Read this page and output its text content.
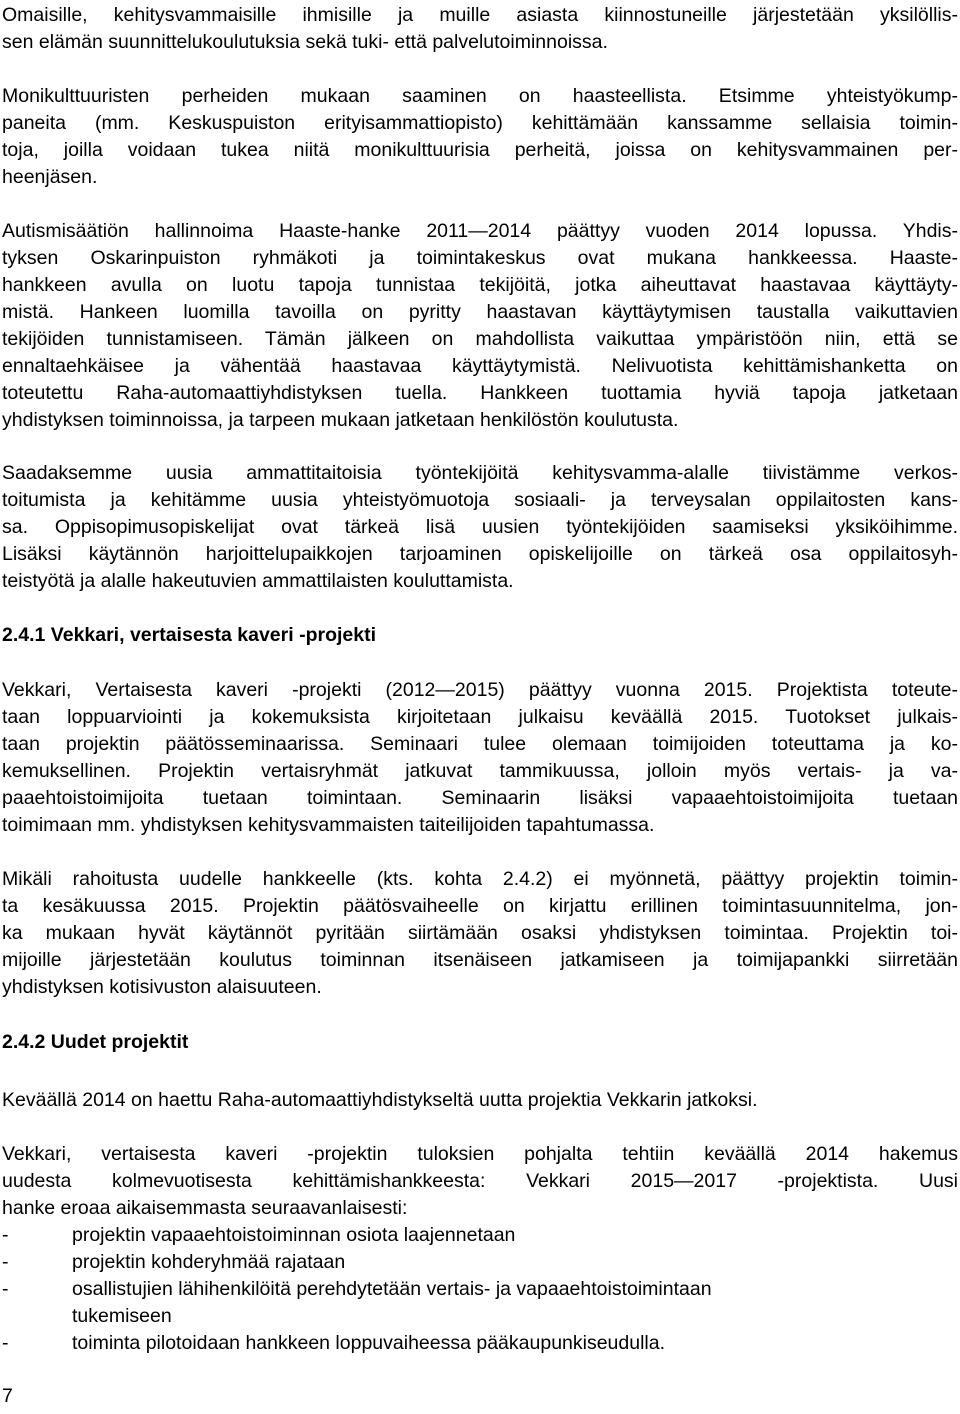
Omaisille, kehitysvammaisille ihmisille ja muille asiasta kiinnostuneille järjestetään yksilöllis-
sen elämän suunnittelukoulutuksia sekä tuki- että palvelutoiminnoissa.
Monikulttuuristen perheiden mukaan saaminen on haasteellista. Etsimme yhteistyökump-
paneita (mm. Keskuspuiston erityisammattiopisto) kehittämään kanssamme sellaisia toimin-
toja, joilla voidaan tukea niitä monikulttuurisia perheitä, joissa on kehitysvammainen per-
heenjäsen.
Autismisäätiön hallinnoima Haaste-hanke 2011—2014 päättyy vuoden 2014 lopussa. Yhdis-
tyksen Oskarinpuiston ryhmäkoti ja toimintakeskus ovat mukana hankkeessa. Haaste-
hankkeen avulla on luotu tapoja tunnistaa tekijöitä, jotka aiheuttavat haastavaa käyttäyty-
mistä. Hankeen luomilla tavoilla on pyritty haastavan käyttäytymisen taustalla vaikuttavien
tekijöiden tunnistamiseen. Tämän jälkeen on mahdollista vaikuttaa ympäristöön niin, että se
ennaltaehkäisee ja vähentää haastavaa käyttäytymistä. Nelivuotista kehittämishanketta on
toteutettu Raha-automaattiyhdistyksen tuella. Hankkeen tuottamia hyviä tapoja jatketaan
yhdistyksen toiminnoissa, ja tarpeen mukaan jatketaan henkilöstön koulutusta.
Saadaksemme uusia ammattitaitoisia työntekijöitä kehitysvamma-alalle tiivistämme verkos-
toitumista ja kehitämme uusia yhteistyömuotoja sosiaali- ja terveysalan oppilaitosten kans-
sa. Oppisopimusopiskelijat ovat tärkeä lisä uusien työntekijöiden saamiseksi yksiköihimme.
Lisäksi käytännön harjoittelupaikkojen tarjoaminen opiskelijoille on tärkeä osa oppilaitosyh-
teistyötä ja alalle hakeutuvien ammattilaisten kouluttamista.
2.4.1 Vekkari, vertaisesta kaveri -projekti
Vekkari, Vertaisesta kaveri -projekti (2012—2015) päättyy vuonna 2015. Projektista toteute-
taan loppuarviointi ja kokemuksista kirjoitetaan julkaisu keväällä 2015. Tuotokset julkais-
taan projektin päätösseminaarissa. Seminaari tulee olemaan toimijoiden toteuttama ja ko-
kemuksellinen. Projektin vertaisryhmät jatkuvat tammikuussa, jolloin myös vertais- ja va-
paaehtoistoimijoita tuetaan toimintaan. Seminaarin lisäksi vapaaehtoistoimijoita tuetaan
toimimaan mm. yhdistyksen kehitysvammaisten taiteilijoiden tapahtumassa.
Mikäli rahoitusta uudelle hankkeelle (kts. kohta 2.4.2) ei myönnetä, päättyy projektin toimin-
ta kesäkuussa 2015. Projektin päätösvaiheelle on kirjattu erillinen toimintasuunnitelma, jon-
ka mukaan hyvät käytännöt pyritään siirtämään osaksi yhdistyksen toimintaa. Projektin toi-
mijoille järjestetään koulutus toiminnan itsenäiseen jatkamiseen ja toimijapankki siirretään
yhdistyksen kotisivuston alaisuuteen.
2.4.2 Uudet projektit
Keväällä 2014 on haettu Raha-automaattiyhdistykseltä uutta projektia Vekkarin jatkoksi.
Vekkari, vertaisesta kaveri -projektin tuloksien pohjalta tehtiin keväällä 2014 hakemus
uudesta kolmevuotisesta kehittämishankkeesta: Vekkari 2015—2017 -projektista. Uusi
hanke eroaa aikaisemmasta seuraavanlaisesti:
-	projektin vapaaehtoistoiminnan osiota laajennetaan
-	projektin kohderyhmää rajataan
-	osallistujien lähihenkilöitä perehdytetään vertais- ja vapaaehtoistoimintaan
tukemiseen
-	toiminta pilotoidaan hankkeen loppuvaiheessa pääkaupunkiseudulla.
7
